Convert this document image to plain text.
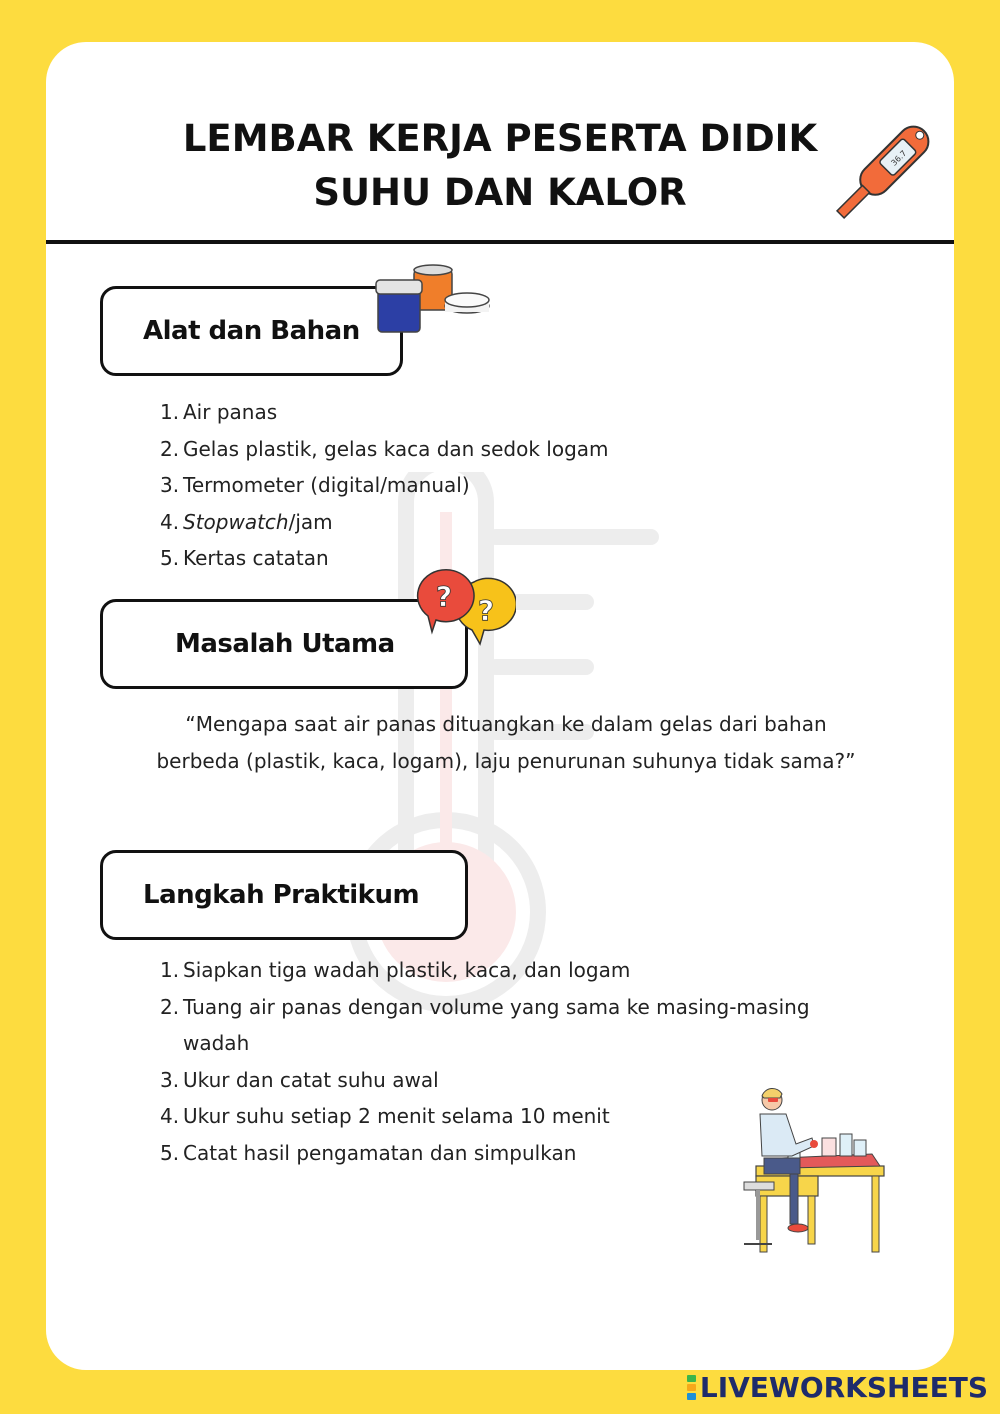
LEMBAR KERJA PESERTA DIDIK
SUHU DAN KALOR
36.7
Alat dan Bahan
1. Air panas
2. Gelas plastik, gelas kaca dan sedok logam
3. Termometer (digital/manual)
4. Stopwatch/jam
5. Kertas catatan
Masalah Utama
?
?
“Mengapa saat air panas dituangkan ke dalam gelas dari bahan berbeda (plastik, kaca, logam), laju penurunan suhunya tidak sama?”
Langkah Praktikum
1. Siapkan tiga wadah plastik, kaca, dan logam
2. Tuang air panas dengan volume yang sama ke masing-masing wadah
3. Ukur dan catat suhu awal
4. Ukur suhu setiap 2 menit selama 10 menit
5. Catat hasil pengamatan dan simpulkan
LIVEWORKSHEETS
